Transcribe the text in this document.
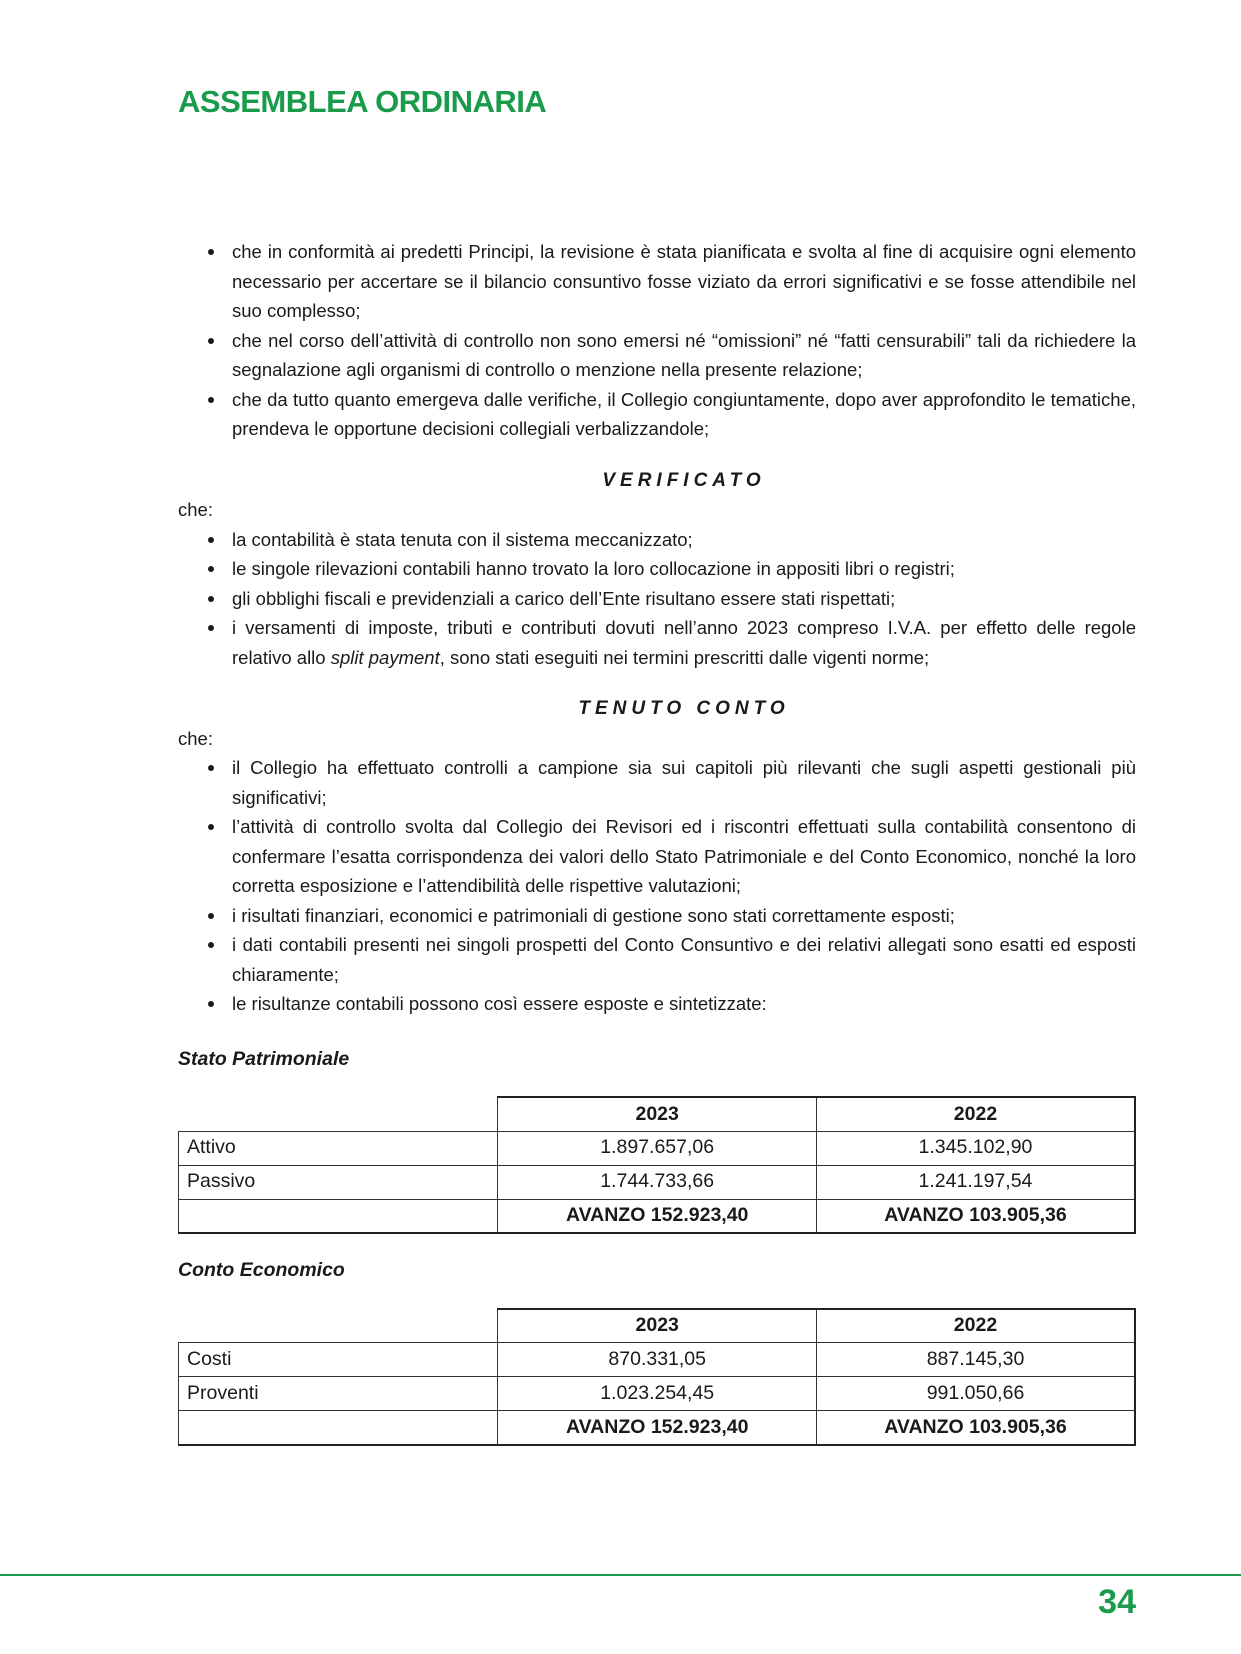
ASSEMBLEA ORDINARIA
che in conformità ai predetti Principi, la revisione è stata pianificata e svolta al fine di acquisire ogni elemento necessario per accertare se il bilancio consuntivo fosse viziato da errori significativi e se fosse attendibile nel suo complesso;
che nel corso dell’attività di controllo non sono emersi né “omissioni” né “fatti censurabili” tali da richiedere la segnalazione agli organismi di controllo o menzione nella presente relazione;
che da tutto quanto emergeva dalle verifiche, il Collegio congiuntamente, dopo aver approfondito le tematiche, prendeva le opportune decisioni collegiali verbalizzandole;
VERIFICATO
che:
la contabilità è stata tenuta con il sistema meccanizzato;
le singole rilevazioni contabili hanno trovato la loro collocazione in appositi libri o registri;
gli obblighi fiscali e previdenziali a carico dell’Ente risultano essere stati rispettati;
i versamenti di imposte, tributi e contributi dovuti nell’anno 2023 compreso I.V.A. per effetto delle regole relativo allo split payment, sono stati eseguiti nei termini prescritti dalle vigenti norme;
TENUTO CONTO
che:
il Collegio ha effettuato controlli a campione sia sui capitoli più rilevanti che sugli aspetti gestionali più significativi;
l’attività di controllo svolta dal Collegio dei Revisori ed i riscontri effettuati sulla contabilità consentono di confermare l’esatta corrispondenza dei valori dello Stato Patrimoniale e del Conto Economico, nonché la loro corretta esposizione e l’attendibilità delle rispettive valutazioni;
i risultati finanziari, economici e patrimoniali di gestione sono stati correttamente esposti;
i dati contabili presenti nei singoli prospetti del Conto Consuntivo e dei relativi allegati sono esatti ed esposti chiaramente;
le risultanze contabili possono così essere esposte e sintetizzate:
Stato Patrimoniale
	2023	2022
Attivo	1.897.657,06	1.345.102,90
Passivo	1.744.733,66	1.241.197,54
	AVANZO 152.923,40	AVANZO 103.905,36
Conto Economico
	2023	2022
Costi	870.331,05	887.145,30
Proventi	1.023.254,45	991.050,66
	AVANZO 152.923,40	AVANZO 103.905,36
34
